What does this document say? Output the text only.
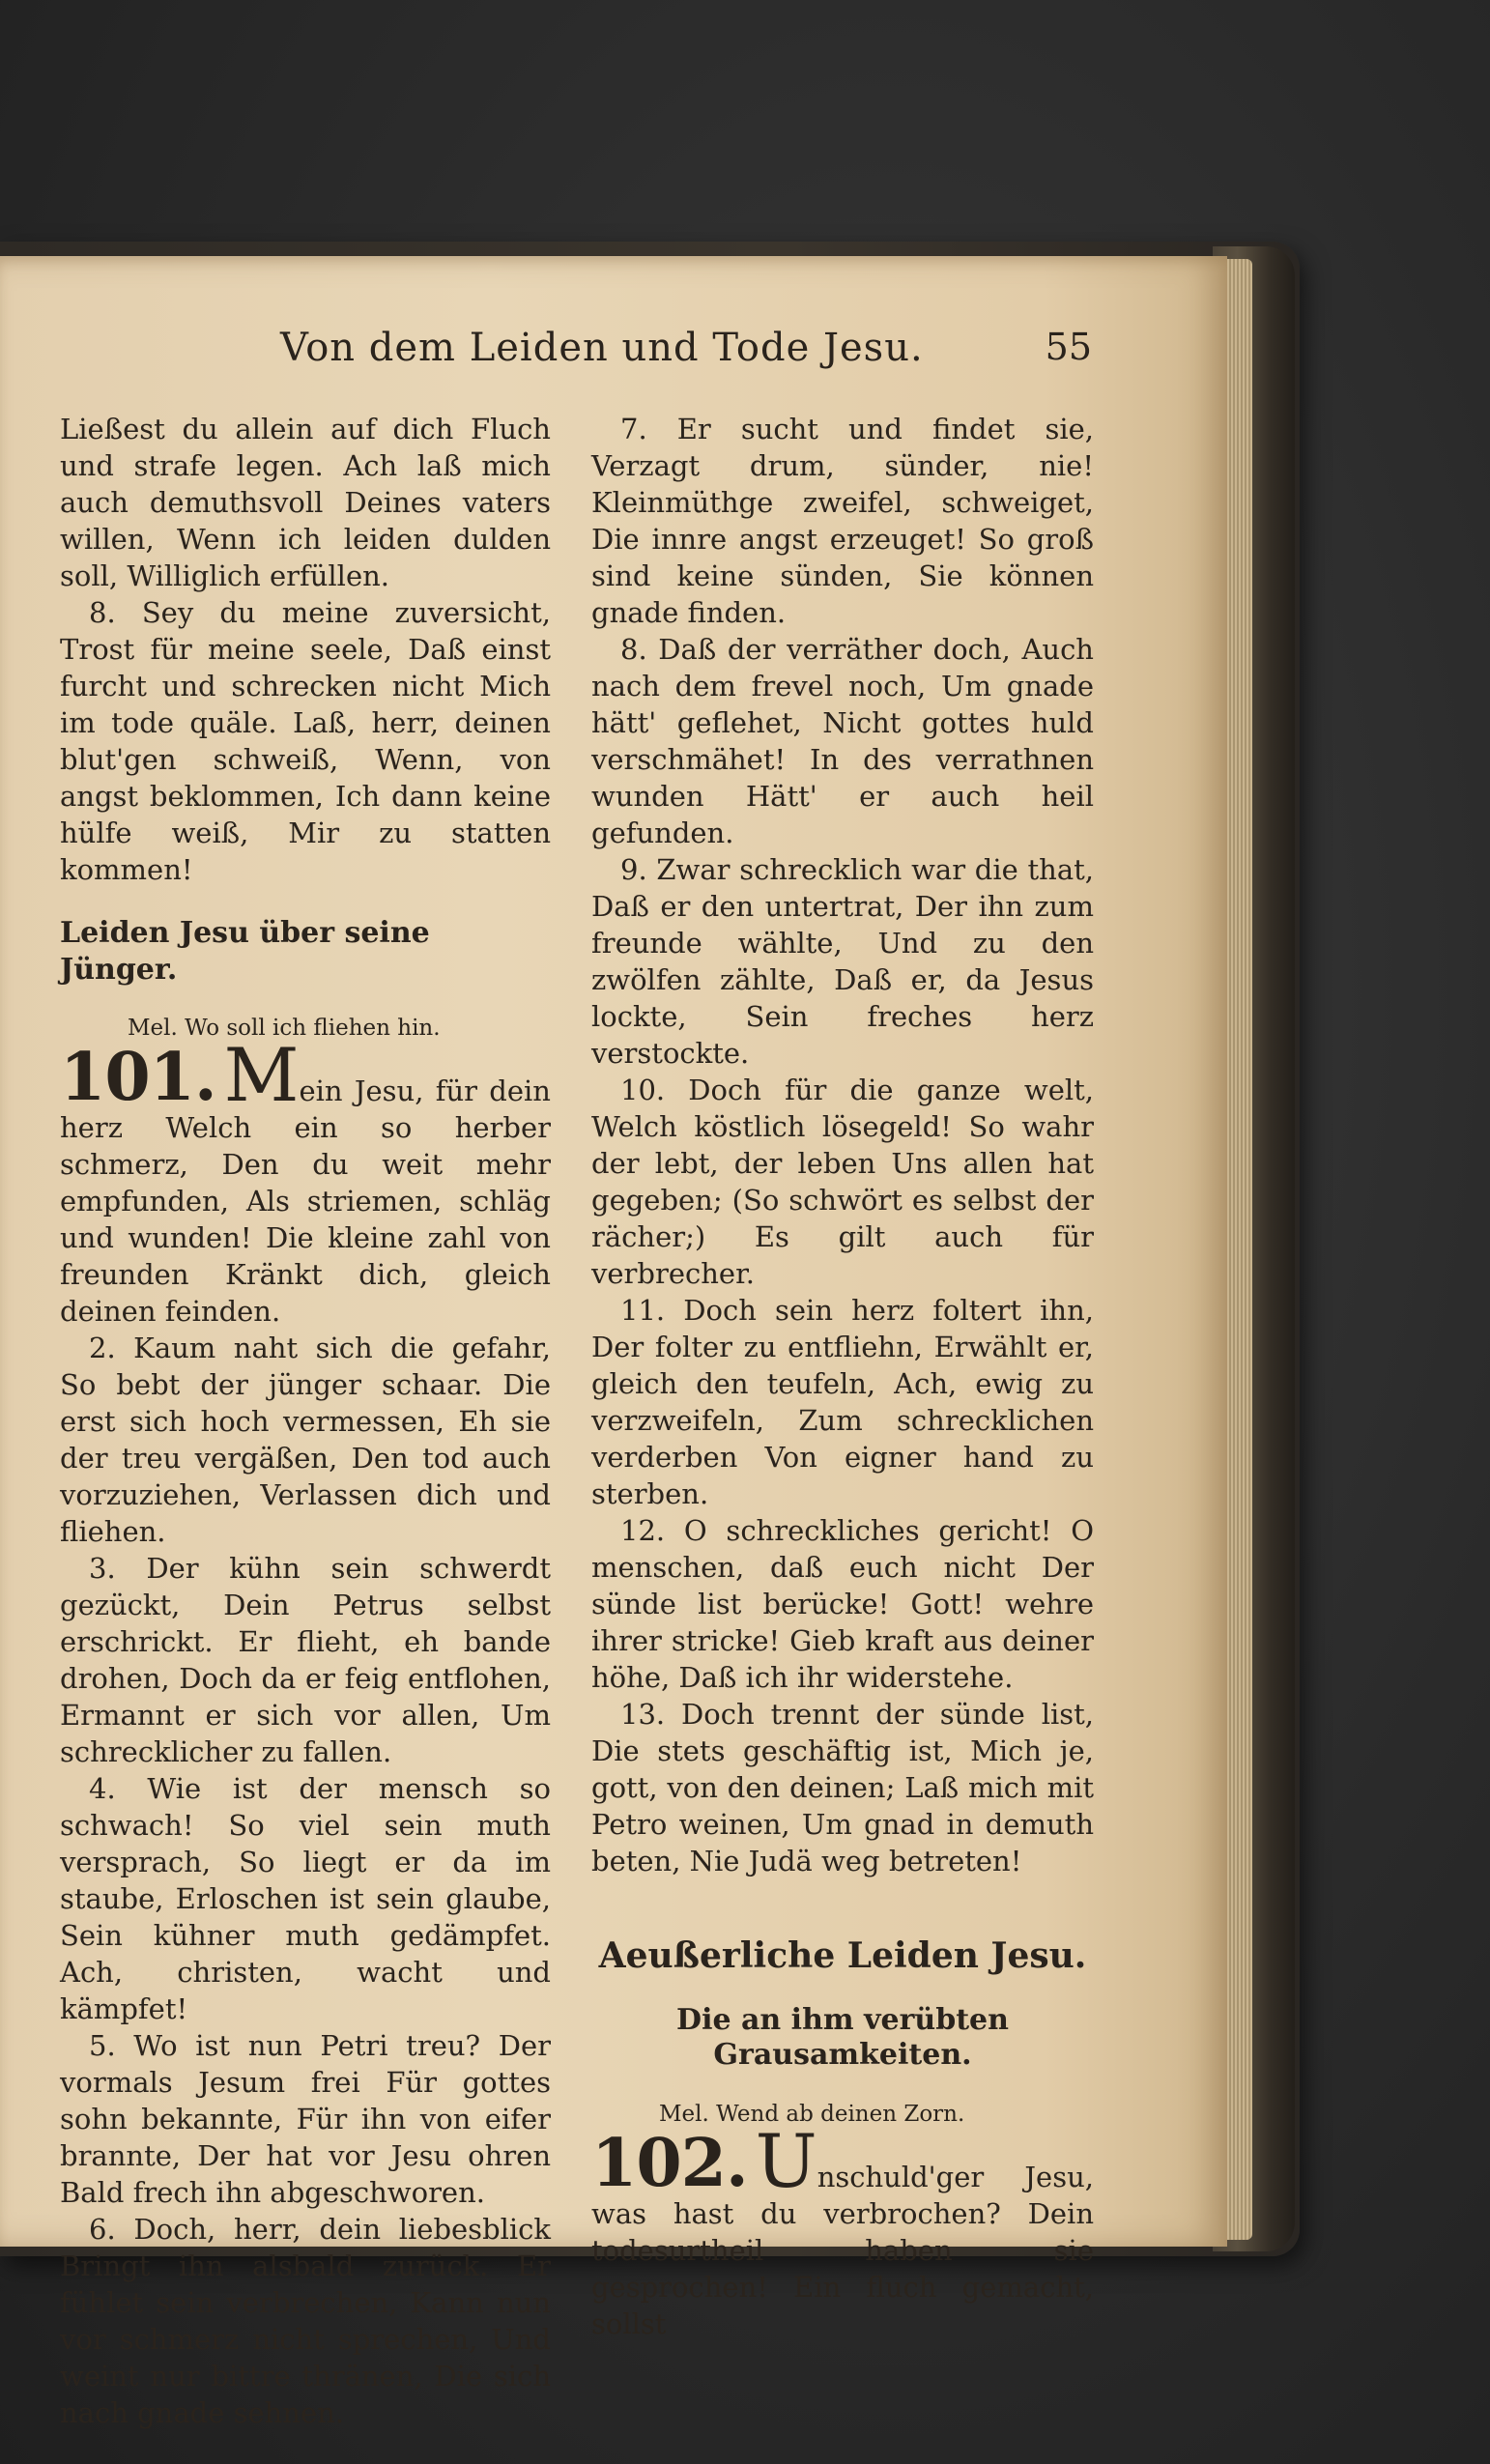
Von dem Leiden und Tode Jesu.	55

Ließest du allein auf dich Fluch und strafe legen. Ach laß mich auch demuthsvoll Deines vaters willen, Wenn ich leiden dulden soll, Williglich erfüllen.

8. Sey du meine zuversicht, Trost für meine seele, Daß einst furcht und schrecken nicht Mich im tode quäle. Laß, herr, deinen blut'gen schweiß, Wenn, von angst beklommen, Ich dann keine hülfe weiß, Mir zu statten kommen!

Leiden Jesu über seine Jünger.

Mel. Wo soll ich fliehen hin.

101. Mein Jesu, für dein herz Welch ein so herber schmerz, Den du weit mehr empfunden, Als striemen, schläg und wunden! Die kleine zahl von freunden Kränkt dich, gleich deinen feinden.

2. Kaum naht sich die gefahr, So bebt der jünger schaar. Die erst sich hoch vermessen, Eh sie der treu vergäßen, Den tod auch vorzuziehen, Verlassen dich und fliehen.

3. Der kühn sein schwerdt gezückt, Dein Petrus selbst erschrickt. Er flieht, eh bande drohen, Doch da er feig entflohen, Ermannt er sich vor allen, Um schrecklicher zu fallen.

4. Wie ist der mensch so schwach! So viel sein muth versprach, So liegt er da im staube, Erloschen ist sein glaube, Sein kühner muth gedämpfet. Ach, christen, wacht und kämpfet!

5. Wo ist nun Petri treu? Der vormals Jesum frei Für gottes sohn bekannte, Für ihn von eifer brannte, Der hat vor Jesu ohren Bald frech ihn abgeschworen.

6. Doch, herr, dein liebesblick Bringt ihn alsbald zurück. Er fühlet sein verbrechen, Kann nun vor schmerz nicht sprechen, Und weint nur bittre thränen, Die sich nach gnade sehnen.

7. Er sucht und findet sie, Verzagt drum, sünder, nie! Kleinmüthge zweifel, schweiget, Die innre angst erzeuget! So groß sind keine sünden, Sie können gnade finden.

8. Daß der verräther doch, Auch nach dem frevel noch, Um gnade hätt' geflehet, Nicht gottes huld verschmähet! In des verrathnen wunden Hätt' er auch heil gefunden.

9. Zwar schrecklich war die that, Daß er den untertrat, Der ihn zum freunde wählte, Und zu den zwölfen zählte, Daß er, da Jesus lockte, Sein freches herz verstockte.

10. Doch für die ganze welt, Welch köstlich lösegeld! So wahr der lebt, der leben Uns allen hat gegeben; (So schwört es selbst der rächer;) Es gilt auch für verbrecher.

11. Doch sein herz foltert ihn, Der folter zu entfliehn, Erwählt er, gleich den teufeln, Ach, ewig zu verzweifeln, Zum schrecklichen verderben Von eigner hand zu sterben.

12. O schreckliches gericht! O menschen, daß euch nicht Der sünde list berücke! Gott! wehre ihrer stricke! Gieb kraft aus deiner höhe, Daß ich ihr widerstehe.

13. Doch trennt der sünde list, Die stets geschäftig ist, Mich je, gott, von den deinen; Laß mich mit Petro weinen, Um gnad in demuth beten, Nie Judä weg betreten!

Aeußerliche Leiden Jesu.

Die an ihm verübten Grausamkeiten.

Mel. Wend ab deinen Zorn.

102. Unschuld'ger Jesu, was hast du verbrochen? Dein todesurtheil haben sie gesprochen! Ein fluch gemacht, sollst
